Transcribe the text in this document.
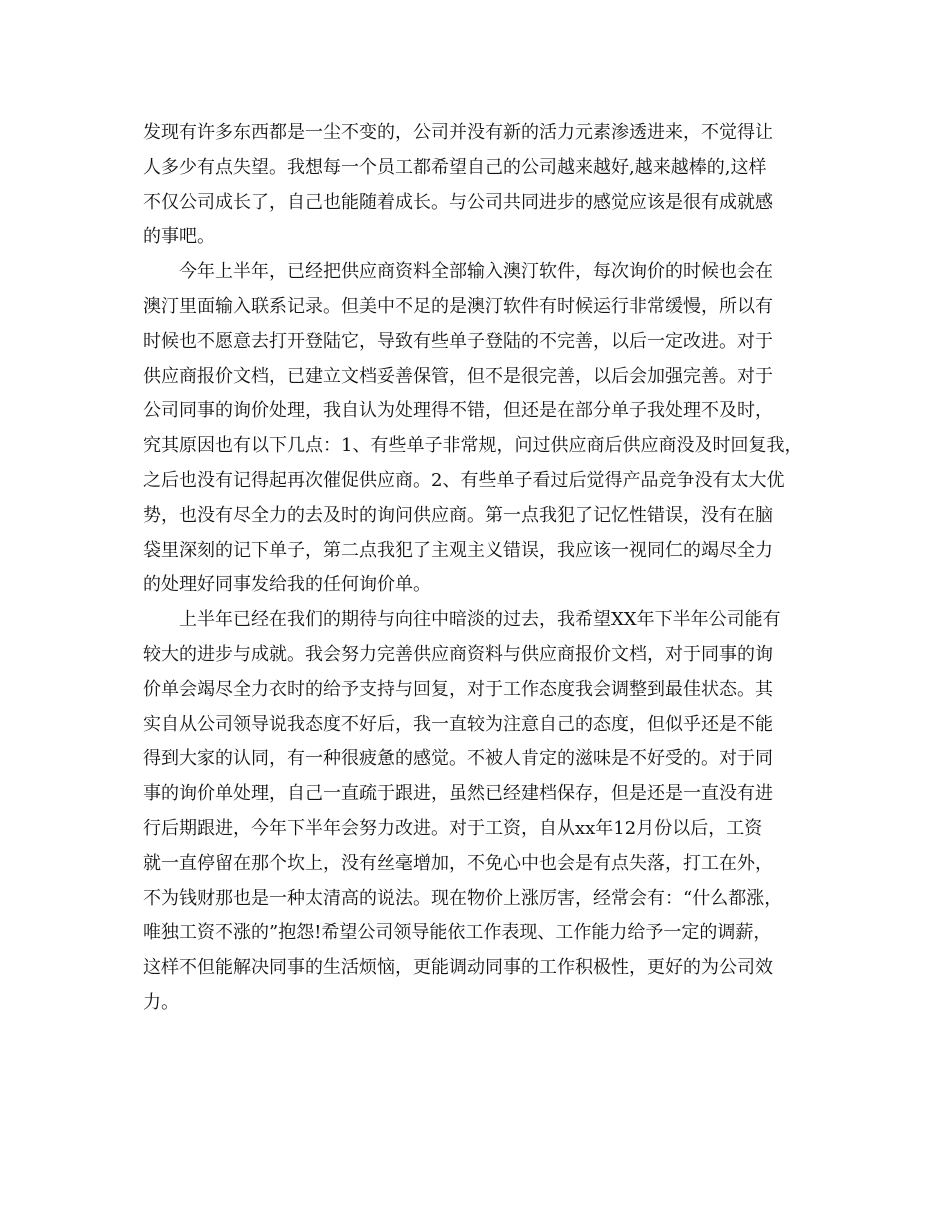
发现有许多东西都是一尘不变的，公司并没有新的活力元素渗透进来，不觉得让

人多少有点失望。我想每一个员工都希望自己的公司越来越好,越来越棒的,这样

不仅公司成长了，自己也能随着成长。与公司共同进步的感觉应该是很有成就感

的事吧。

今年上半年，已经把供应商资料全部输入澳汀软件，每次询价的时候也会在

澳汀里面输入联系记录。但美中不足的是澳汀软件有时候运行非常缓慢，所以有

时候也不愿意去打开登陆它，导致有些单子登陆的不完善，以后一定改进。对于

供应商报价文档，已建立文档妥善保管，但不是很完善，以后会加强完善。对于

公司同事的询价处理，我自认为处理得不错，但还是在部分单子我处理不及时，

究其原因也有以下几点：1、有些单子非常规，问过供应商后供应商没及时回复我，

之后也没有记得起再次催促供应商。2、有些单子看过后觉得产品竞争没有太大优

势，也没有尽全力的去及时的询问供应商。第一点我犯了记忆性错误，没有在脑

袋里深刻的记下单子，第二点我犯了主观主义错误，我应该一视同仁的竭尽全力

的处理好同事发给我的任何询价单。

上半年已经在我们的期待与向往中暗淡的过去，我希望XX年下半年公司能有

较大的进步与成就。我会努力完善供应商资料与供应商报价文档，对于同事的询

价单会竭尽全力衣时的给予支持与回复，对于工作态度我会调整到最佳状态。其

实自从公司领导说我态度不好后，我一直较为注意自己的态度，但似乎还是不能

得到大家的认同，有一种很疲惫的感觉。不被人肯定的滋味是不好受的。对于同

事的询价单处理，自己一直疏于跟进，虽然已经建档保存，但是还是一直没有进

行后期跟进，今年下半年会努力改进。对于工资，自从xx年12月份以后，工资

就一直停留在那个坎上，没有丝毫增加，不免心中也会是有点失落，打工在外，

不为钱财那也是一种太清高的说法。现在物价上涨厉害，经常会有：“什么都涨，

唯独工资不涨的”抱怨!希望公司领导能依工作表现、工作能力给予一定的调薪，

这样不但能解决同事的生活烦恼，更能调动同事的工作积极性，更好的为公司效

力。
